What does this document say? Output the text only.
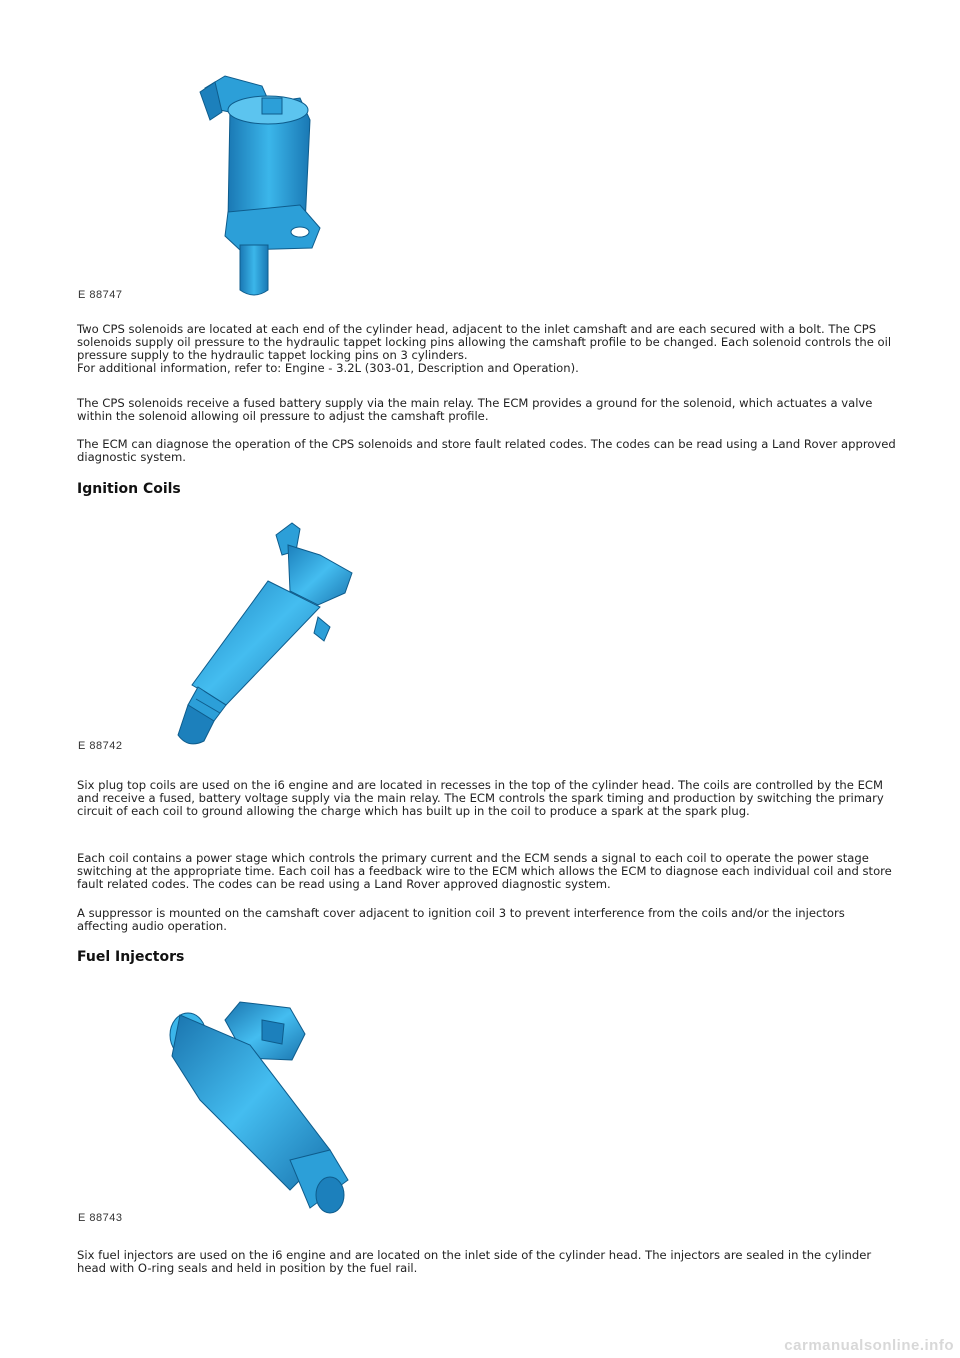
E 88747

Two CPS solenoids are located at each end of the cylinder head, adjacent to the inlet camshaft and are each secured with a bolt. The CPS solenoids supply oil pressure to the hydraulic tappet locking pins allowing the camshaft profile to be changed. Each solenoid controls the oil pressure supply to the hydraulic tappet locking pins on 3 cylinders.
For additional information, refer to: Engine - 3.2L (303-01, Description and Operation).

The CPS solenoids receive a fused battery supply via the main relay. The ECM provides a ground for the solenoid, which actuates a valve within the solenoid allowing oil pressure to adjust the camshaft profile.

The ECM can diagnose the operation of the CPS solenoids and store fault related codes. The codes can be read using a Land Rover approved diagnostic system.

Ignition Coils
E 88742

Six plug top coils are used on the i6 engine and are located in recesses in the top of the cylinder head. The coils are controlled by the ECM and receive a fused, battery voltage supply via the main relay. The ECM controls the spark timing and production by switching the primary circuit of each coil to ground allowing the charge which has built up in the coil to produce a spark at the spark plug.

Each coil contains a power stage which controls the primary current and the ECM sends a signal to each coil to operate the power stage switching at the appropriate time. Each coil has a feedback wire to the ECM which allows the ECM to diagnose each individual coil and store fault related codes. The codes can be read using a Land Rover approved diagnostic system.

A suppressor is mounted on the camshaft cover adjacent to ignition coil 3 to prevent interference from the coils and/or the injectors affecting audio operation.

Fuel Injectors
E 88743

Six fuel injectors are used on the i6 engine and are located on the inlet side of the cylinder head. The injectors are sealed in the cylinder head with O-ring seals and held in position by the fuel rail.

carmanualsonline.info
